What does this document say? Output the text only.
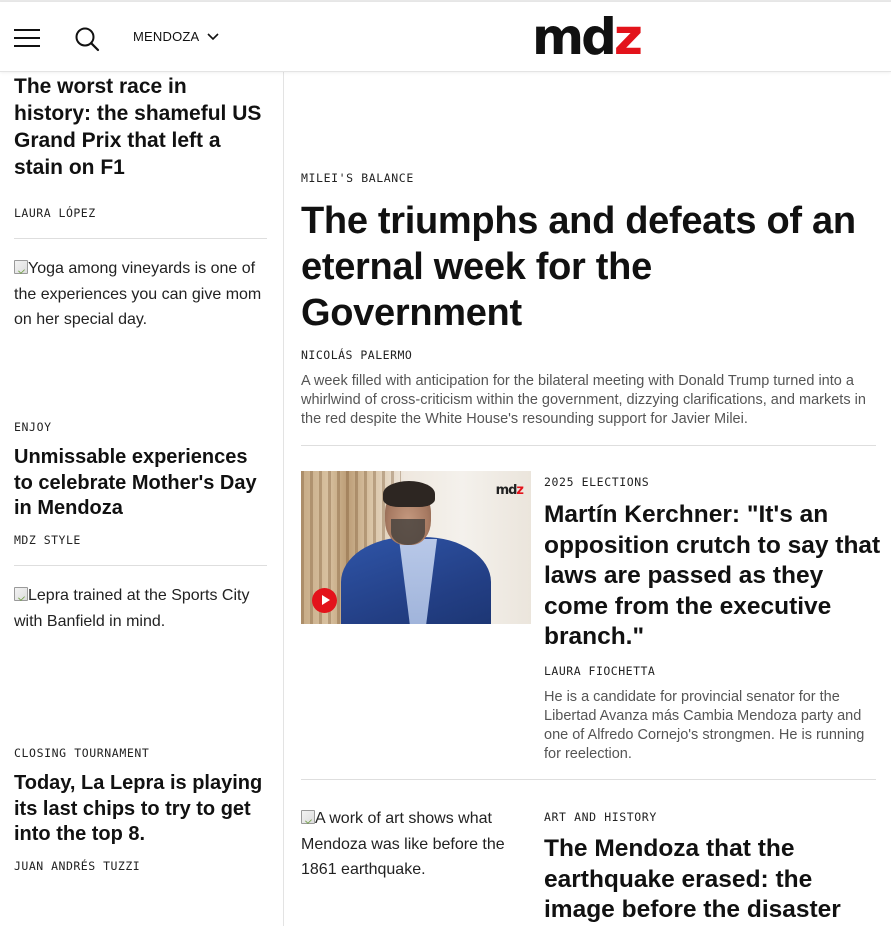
MENDOZA	md z
The worst race in history: the shameful US Grand Prix that left a stain on F1
LAURA LÓPEZ
Yoga among vineyards is one of the experiences you can give mom on her special day.
ENJOY
Unmissable experiences to celebrate Mother's Day in Mendoza
MDZ STYLE
Lepra trained at the Sports City with Banfield in mind.
CLOSING TOURNAMENT
Today, La Lepra is playing its last chips to try to get into the top 8.
JUAN ANDRÉS TUZZI
MILEI'S BALANCE
The triumphs and defeats of an eternal week for the Government
NICOLÁS PALERMO

A week filled with anticipation for the bilateral meeting with Donald Trump turned into a whirlwind of cross-criticism within the government, dizzying clarifications, and markets in the red despite the White House's resounding support for Javier Milei.

mdz
2025 ELECTIONS
Martín Kerchner: "It's an opposition crutch to say that laws are passed as they come from the executive branch."
LAURA FIOCHETTA

He is a candidate for provincial senator for the Libertad Avanza más Cambia Mendoza party and one of Alfredo Cornejo's strongmen. He is running for reelection.

A work of art shows what Mendoza was like before the 1861 earthquake.
ART AND HISTORY
The Mendoza that the earthquake erased: the image before the disaster
